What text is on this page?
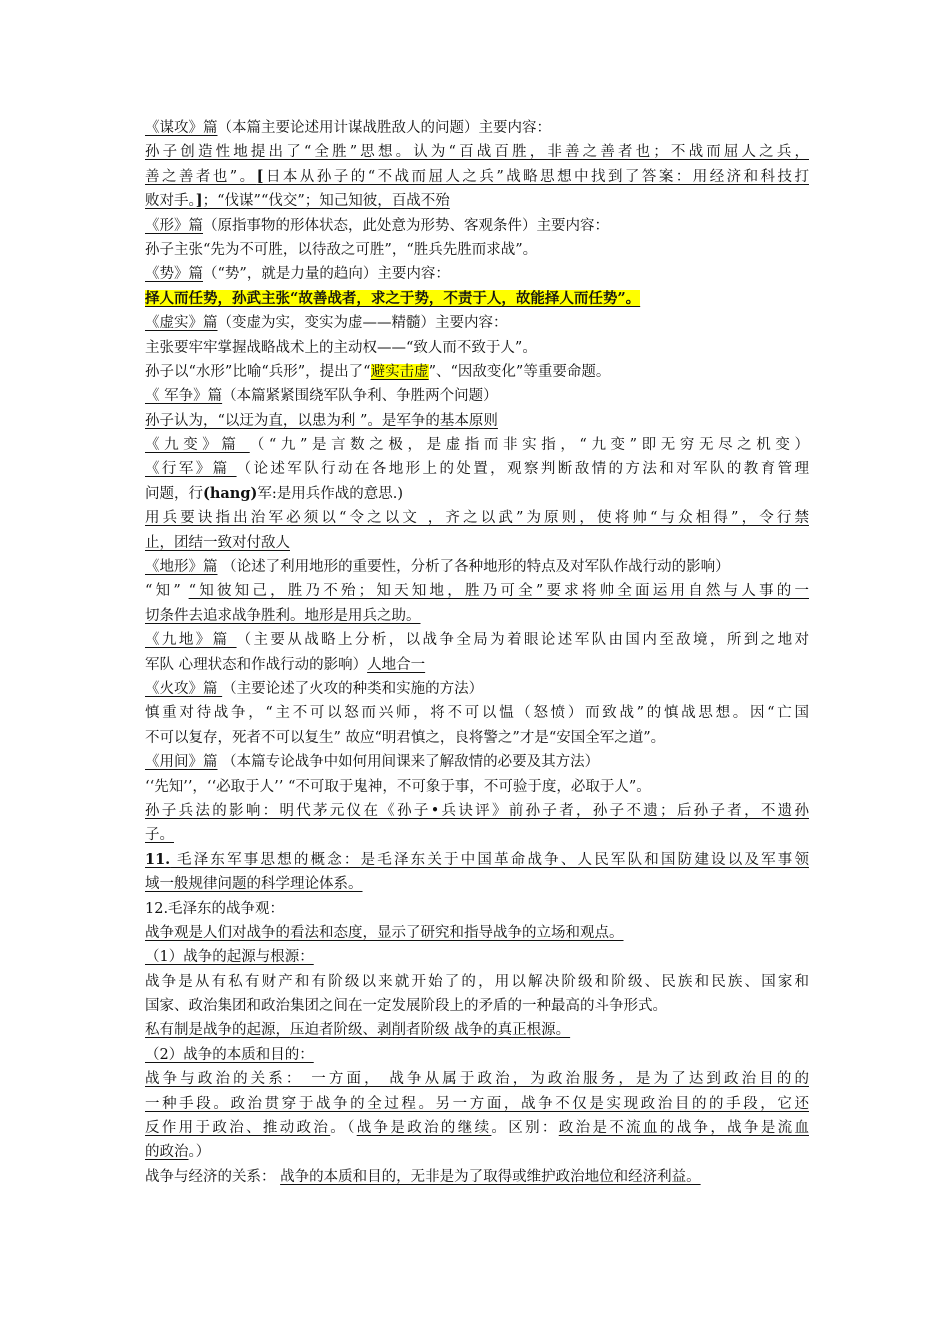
《谋攻》篇（本篇主要论述用计谋战胜敌人的问题）主要内容：
孙子创造性地提出了“全胜”思想。认为“百战百胜，非善之善者也；不战而屈人之兵，
善之善者也”。[日本从孙子的“不战而屈人之兵”战略思想中找到了答案：用经济和科技打
败对手。]；“伐谋”“伐交”；知己知彼，百战不殆
《形》篇（原指事物的形体状态，此处意为形势、客观条件）主要内容：
孙子主张“先为不可胜，以待敌之可胜”，“胜兵先胜而求战”。
《势》篇（“势”，就是力量的趋向）主要内容：
择人而任势，孙武主张“故善战者，求之于势，不责于人，故能择人而任势”。
《虚实》篇（变虚为实，变实为虚——精髓）主要内容：
主张要牢牢掌握战略战术上的主动权——“致人而不致于人”。
孙子以“水形”比喻“兵形”，提出了“避实击虚”、“因敌变化”等重要命题。
《 军争》篇（本篇紧紧围绕军队争利、争胜两个问题）
孙子认为，“以迂为直，以患为利 ”。是军争的基本原则
《九变》篇 （“九”是言数之极，是虚指而非实指，“九变”即无穷无尽之机变）
《行军》篇 （论述军队行动在各地形上的处置，观察判断敌情的方法和对军队的教育管理
问题，行(hang)军:是用兵作战的意思.)
用兵要诀指出治军必须以“令之以文 ，齐之以武”为原则，使将帅“与众相得”，令行禁
止，团结一致对付敌人
《地形》篇 （论述了利用地形的重要性，分析了各种地形的特点及对军队作战行动的影响）
“知” “知彼知己，胜乃不殆；知天知地，胜乃可全”要求将帅全面运用自然与人事的一
切条件去追求战争胜利。地形是用兵之助。
《九地》篇 （主要从战略上分析，以战争全局为着眼论述军队由国内至敌境，所到之地对
军队 心理状态和作战行动的影响）人地合一
《火攻》篇 （主要论述了火攻的种类和实施的方法）
慎重对待战争，“主不可以怒而兴师，将不可以愠（怒愤）而致战”的慎战思想。因“亡国
不可以复存，死者不可以复生” 故应“明君慎之，良将警之”才是“安国全军之道”。
《用间》篇 （本篇专论战争中如何用间课来了解敌情的必要及其方法）
‘‘先知’’，‘‘必取于人’’ “不可取于鬼神，不可象于事，不可验于度，必取于人”。
孙子兵法的影响：明代茅元仪在《孙子•兵诀评》前孙子者，孙子不遗；后孙子者，不遗孙
子。
11. 毛泽东军事思想的概念：是毛泽东关于中国革命战争、人民军队和国防建设以及军事领
域一般规律问题的科学理论体系。
12.毛泽东的战争观：
战争观是人们对战争的看法和态度，显示了研究和指导战争的立场和观点。
（1）战争的起源与根源：
战争是从有私有财产和有阶级以来就开始了的，用以解决阶级和阶级、民族和民族、国家和
国家、政治集团和政治集团之间在一定发展阶段上的矛盾的一种最高的斗争形式。
私有制是战争的起源，压迫者阶级、剥削者阶级 战争的真正根源。
（2）战争的本质和目的：
战争与政治的关系： 一方面， 战争从属于政治，为政治服务，是为了达到政治目的的
一种手段。政治贯穿于战争的全过程。另一方面，战争不仅是实现政治目的的手段，它还
反作用于政治、推动政治。（战争是政治的继续。区别：政治是不流血的战争，战争是流血
的政治。）
战争与经济的关系： 战争的本质和目的，无非是为了取得或维护政治地位和经济利益。
